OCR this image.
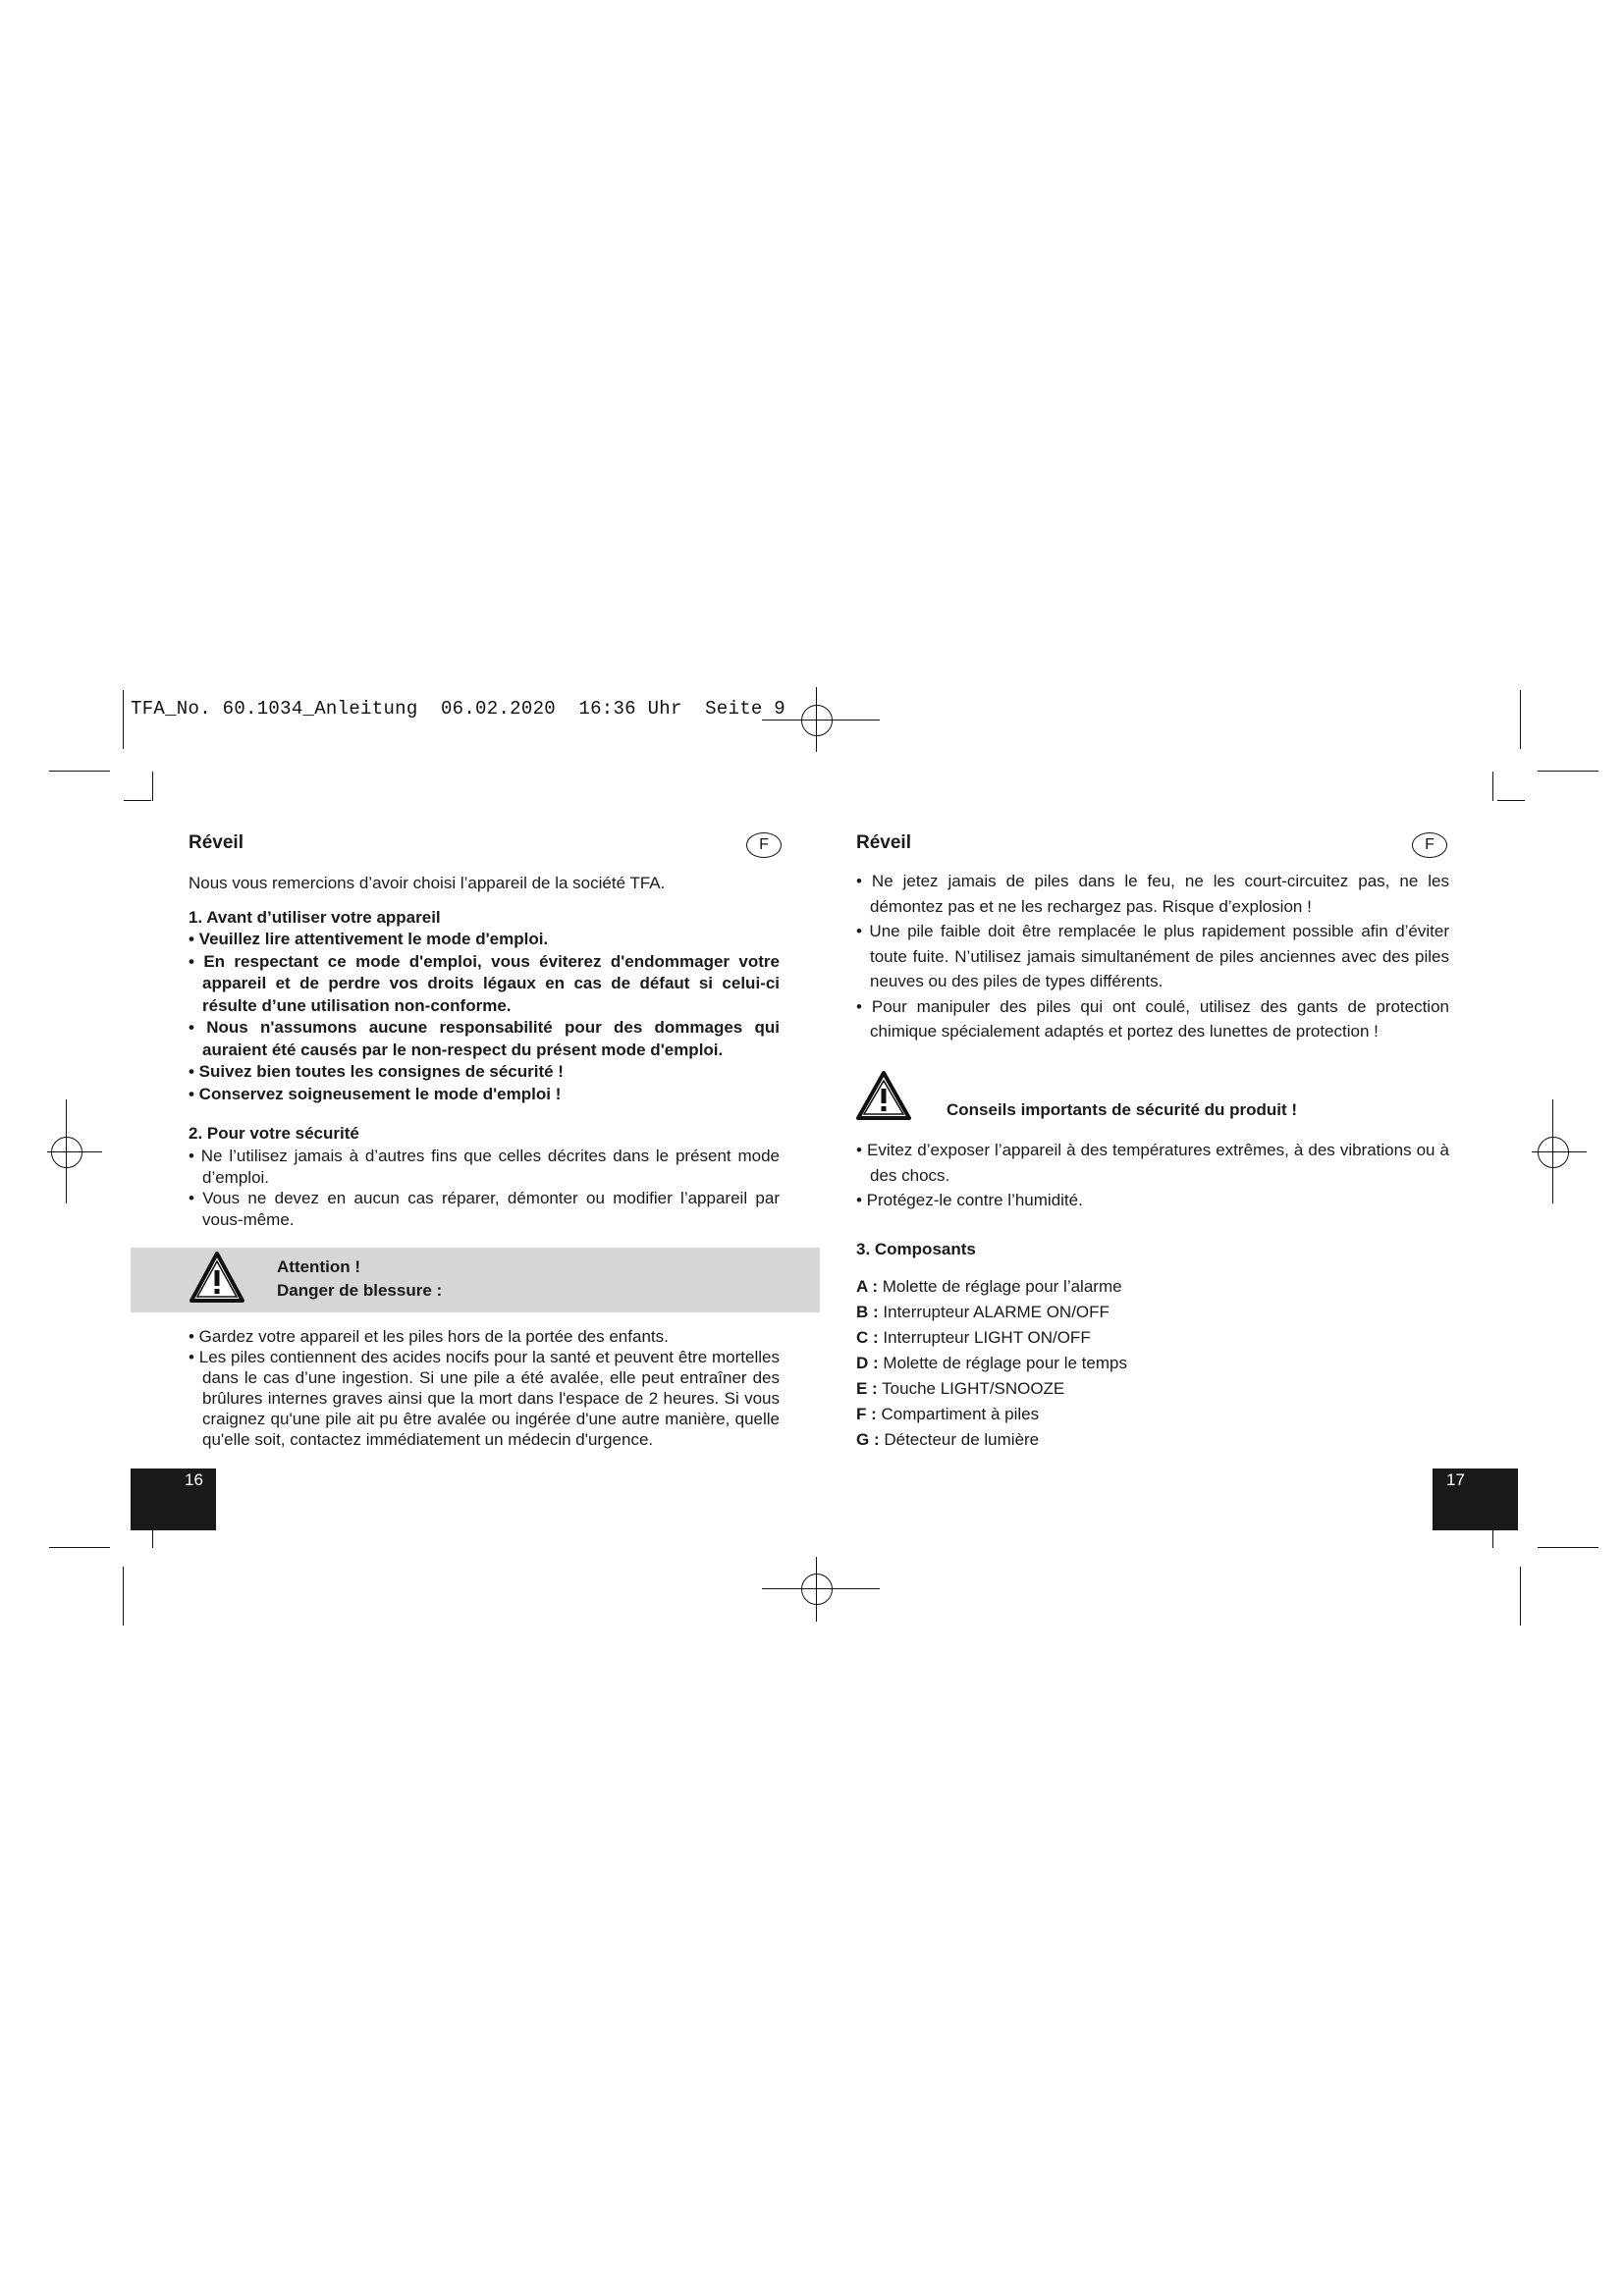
TFA_No. 60.1034_Anleitung  06.02.2020  16:36 Uhr  Seite 9
Réveil	F

Nous vous remercions d’avoir choisi l’appareil de la société TFA.

1. Avant d’utiliser votre appareil

• Veuillez lire attentivement le mode d'emploi.

• En respectant ce mode d'emploi, vous éviterez d'endommager votre appareil et de perdre vos droits légaux en cas de défaut si celui-ci résulte d’une utilisation non-conforme.

• Nous n'assumons aucune responsabilité pour des dommages qui auraient été causés par le non-respect du présent mode d'emploi.

• Suivez bien toutes les consignes de sécurité !

• Conservez soigneusement le mode d'emploi !

2. Pour votre sécurité

• Ne l’utilisez jamais à d’autres fins que celles décrites dans le présent mode d’emploi.

• Vous ne devez en aucun cas réparer, démonter ou modifier l’appareil par vous-même.

Attention !
Danger de blessure :

• Gardez votre appareil et les piles hors de la portée des enfants.

• Les piles contiennent des acides nocifs pour la santé et peuvent être mortelles dans le cas d’une ingestion. Si une pile a été avalée, elle peut entraîner des brûlures internes graves ainsi que la mort dans l'espace de 2 heures. Si vous craignez qu'une pile ait pu être avalée ou ingérée d'une autre manière, quelle qu'elle soit, contactez immédiatement un médecin d'urgence.

16
Réveil	F

• Ne jetez jamais de piles dans le feu, ne les court-circuitez pas, ne les démontez pas et ne les rechargez pas. Risque d’explosion !

• Une pile faible doit être remplacée le plus rapidement possible afin d’éviter toute fuite. N’utilisez jamais simultanément de piles anciennes avec des piles neuves ou des piles de types différents.

• Pour manipuler des piles qui ont coulé, utilisez des gants de protection chimique spécialement adaptés et portez des lunettes de protection !

Conseils importants de sécurité du produit !

• Evitez d’exposer l’appareil à des températures extrêmes, à des vibrations ou à des chocs.

• Protégez-le contre l’humidité.

3. Composants

A : Molette de réglage pour l’alarme

B : Interrupteur ALARME ON/OFF

C : Interrupteur LIGHT ON/OFF

D : Molette de réglage pour le temps

E : Touche LIGHT/SNOOZE

F : Compartiment à piles

G : Détecteur de lumière

17
